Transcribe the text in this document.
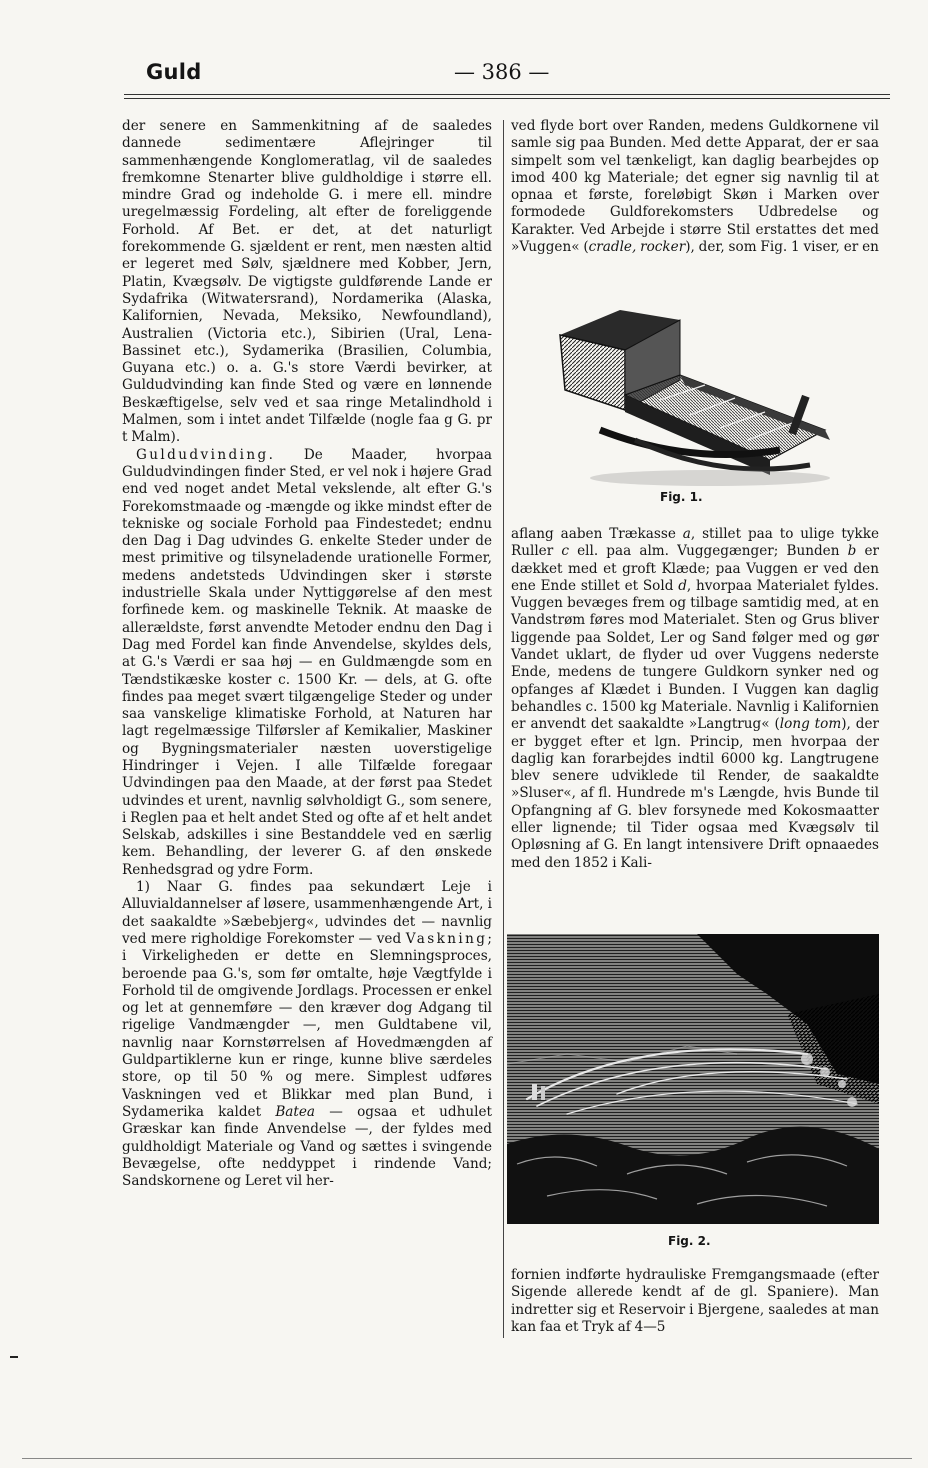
Guld	— 386 —

der senere en Sammenkitning af de saaledes dannede sedimentære Aflejringer til sammenhængende Konglomeratlag, vil de saaledes fremkomne Stenarter blive guldholdige i større ell. mindre Grad og indeholde G. i mere ell. mindre uregelmæssig Fordeling, alt efter de foreliggende Forhold. Af Bet. er det, at det naturligt forekommende G. sjældent er rent, men næsten altid er legeret med Sølv, sjældnere med Kobber, Jern, Platin, Kvægsølv. De vigtigste guldførende Lande er Sydafrika (Witwatersrand), Nordamerika (Alaska, Kalifornien, Nevada, Meksiko, Newfoundland), Australien (Victoria etc.), Sibirien (Ural, Lena-Bassinet etc.), Sydamerika (Brasilien, Columbia, Guyana etc.) o. a. G.'s store Værdi bevirker, at Guldudvinding kan finde Sted og være en lønnende Beskæftigelse, selv ved et saa ringe Metalindhold i Malmen, som i intet andet Tilfælde (nogle faa g G. pr t Malm).

Guldudvinding. De Maader, hvorpaa Guldudvindingen finder Sted, er vel nok i højere Grad end ved noget andet Metal vekslende, alt efter G.'s Forekomstmaade og -mængde og ikke mindst efter de tekniske og sociale Forhold paa Findestedet; endnu den Dag i Dag udvindes G. enkelte Steder under de mest primitive og tilsyneladende urationelle Former, medens andetsteds Udvindingen sker i største industrielle Skala under Nyttiggørelse af den mest forfinede kem. og maskinelle Teknik. At maaske de allerældste, først anvendte Metoder endnu den Dag i Dag med Fordel kan finde Anvendelse, skyldes dels, at G.'s Værdi er saa høj — en Guldmængde som en Tændstikæske koster c. 1500 Kr. — dels, at G. ofte findes paa meget svært tilgængelige Steder og under saa vanskelige klimatiske Forhold, at Naturen har lagt regelmæssige Tilførsler af Kemikalier, Maskiner og Bygningsmaterialer næsten uoverstigelige Hindringer i Vejen. I alle Tilfælde foregaar Udvindingen paa den Maade, at der først paa Stedet udvindes et urent, navnlig sølvholdigt G., som senere, i Reglen paa et helt andet Sted og ofte af et helt andet Selskab, adskilles i sine Bestanddele ved en særlig kem. Behandling, der leverer G. af den ønskede Renhedsgrad og ydre Form.

1) Naar G. findes paa sekundært Leje i Alluvialdannelser af løsere, usammenhængende Art, i det saakaldte »Sæbebjerg«, udvindes det — navnlig ved mere righoldige Forekomster — ved Vaskning; i Virkeligheden er dette en Slemningsproces, beroende paa G.'s, som før omtalte, høje Vægtfylde i Forhold til de omgivende Jordlags. Processen er enkel og let at gennemføre — den kræver dog Adgang til rigelige Vandmængder —, men Guldtabene vil, navnlig naar Kornstørrelsen af Hovedmængden af Guldpartiklerne kun er ringe, kunne blive særdeles store, op til 50 % og mere. Simplest udføres Vaskningen ved et Blikkar med plan Bund, i Sydamerika kaldet Batea — ogsaa et udhulet Græskar kan finde Anvendelse —, der fyldes med guldholdigt Materiale og Vand og sættes i svingende Bevægelse, ofte neddyppet i rindende Vand; Sandskornene og Leret vil her-

ved flyde bort over Randen, medens Guldkornene vil samle sig paa Bunden. Med dette Apparat, der er saa simpelt som vel tænkeligt, kan daglig bearbejdes op imod 400 kg Materiale; det egner sig navnlig til at opnaa et første, foreløbigt Skøn i Marken over formodede Guldforekomsters Udbredelse og Karakter. Ved Arbejde i større Stil erstattes det med »Vuggen« (cradle, rocker), der, som Fig. 1 viser, er en

Fig. 1.

aflang aaben Trækasse a, stillet paa to ulige tykke Ruller c ell. paa alm. Vuggegænger; Bunden b er dækket med et groft Klæde; paa Vuggen er ved den ene Ende stillet et Sold d, hvorpaa Materialet fyldes. Vuggen bevæges frem og tilbage samtidig med, at en Vandstrøm føres mod Materialet. Sten og Grus bliver liggende paa Soldet, Ler og Sand følger med og gør Vandet uklart, de flyder ud over Vuggens nederste Ende, medens de tungere Guldkorn synker ned og opfanges af Klædet i Bunden. I Vuggen kan daglig behandles c. 1500 kg Materiale. Navnlig i Kalifornien er anvendt det saakaldte »Langtrug« (long tom), der er bygget efter et lgn. Princip, men hvorpaa der daglig kan forarbejdes indtil 6000 kg. Langtrugene blev senere udviklede til Render, de saakaldte »Sluser«, af fl. Hundrede m's Længde, hvis Bunde til Opfangning af G. blev forsynede med Kokosmaatter eller lignende; til Tider ogsaa med Kvægsølv til Opløsning af G. En langt intensivere Drift opnaaedes med den 1852 i Kali-

Fig. 2.

fornien indførte hydrauliske Fremgangsmaade (efter Sigende allerede kendt af de gl. Spaniere). Man indretter sig et Reservoir i Bjergene, saaledes at man kan faa et Tryk af 4—5
